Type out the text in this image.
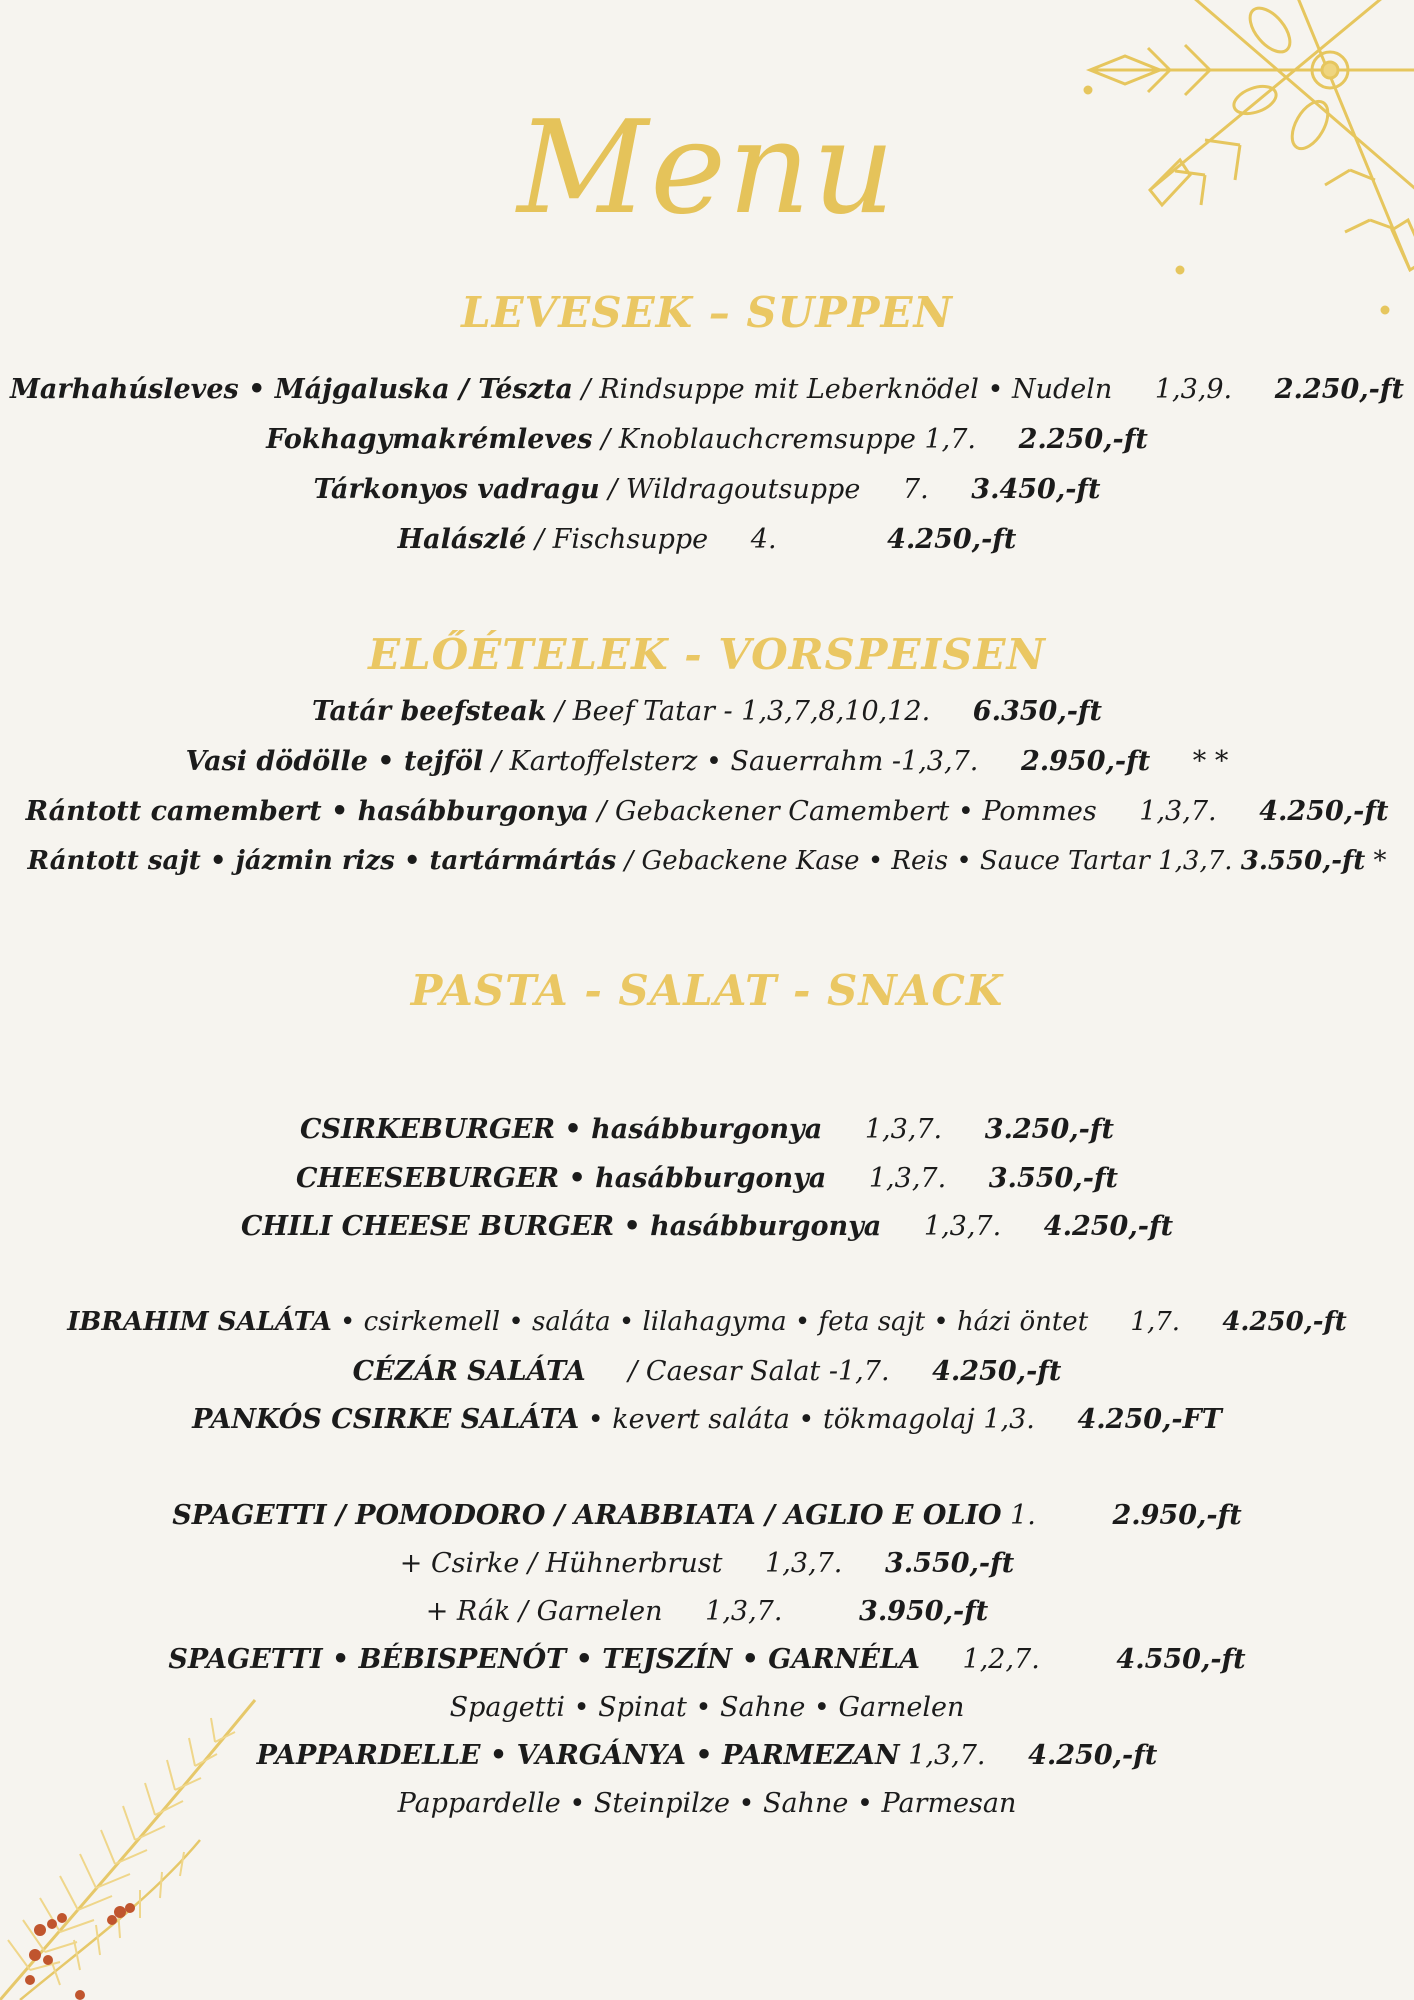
Menu
LEVESEK – SUPPEN
Marhahúsleves • Májgaluska / Tészta / Rindsuppe mit Leberknödel • Nudeln 1,3,9. 2.250,-ft
Fokhagymakrémleves / Knoblauchcremsuppe 1,7. 2.250,-ft
Tárkonyos vadragu / Wildragoutsuppe 7. 3.450,-ft
Halászlé / Fischsuppe 4.	4.250,-ft
ELŐÉTELEK - VORSPEISEN
Tatár beefsteak / Beef Tatar - 1,3,7,8,10,12. 6.350,-ft
Vasi dödölle • tejföl / Kartoffelsterz • Sauerrahm -1,3,7. 2.950,-ft * *
Rántott camembert • hasábburgonya / Gebackener Camembert • Pommes 1,3,7. 4.250,-ft
Rántott sajt • jázmin rizs • tartármártás / Gebackene Kase • Reis • Sauce Tartar 1,3,7. 3.550,-ft *
PASTA - SALAT - SNACK
CSIRKEBURGER • hasábburgonya 1,3,7. 3.250,-ft
CHEESEBURGER • hasábburgonya 1,3,7. 3.550,-ft
CHILI CHEESE BURGER • hasábburgonya 1,3,7. 4.250,-ft
IBRAHIM SALÁTA • csirkemell • saláta • lilahagyma • feta sajt • házi öntet 1,7. 4.250,-ft
CÉZÁR SALÁTA / Caesar Salat -1,7. 4.250,-ft
PANKÓS CSIRKE SALÁTA • kevert saláta • tökmagolaj 1,3. 4.250,-FT
SPAGETTI / POMODORO / ARABBIATA / AGLIO E OLIO 1.	2.950,-ft
+ Csirke / Hühnerbrust 1,3,7. 3.550,-ft
+ Rák / Garnelen 1,3,7.	3.950,-ft
SPAGETTI • BÉBISPENÓT • TEJSZÍN • GARNÉLA 1,2,7.	4.550,-ft
Spagetti • Spinat • Sahne • Garnelen
PAPPARDELLE • VARGÁNYA • PARMEZAN 1,3,7. 4.250,-ft
Pappardelle • Steinpilze • Sahne • Parmesan
